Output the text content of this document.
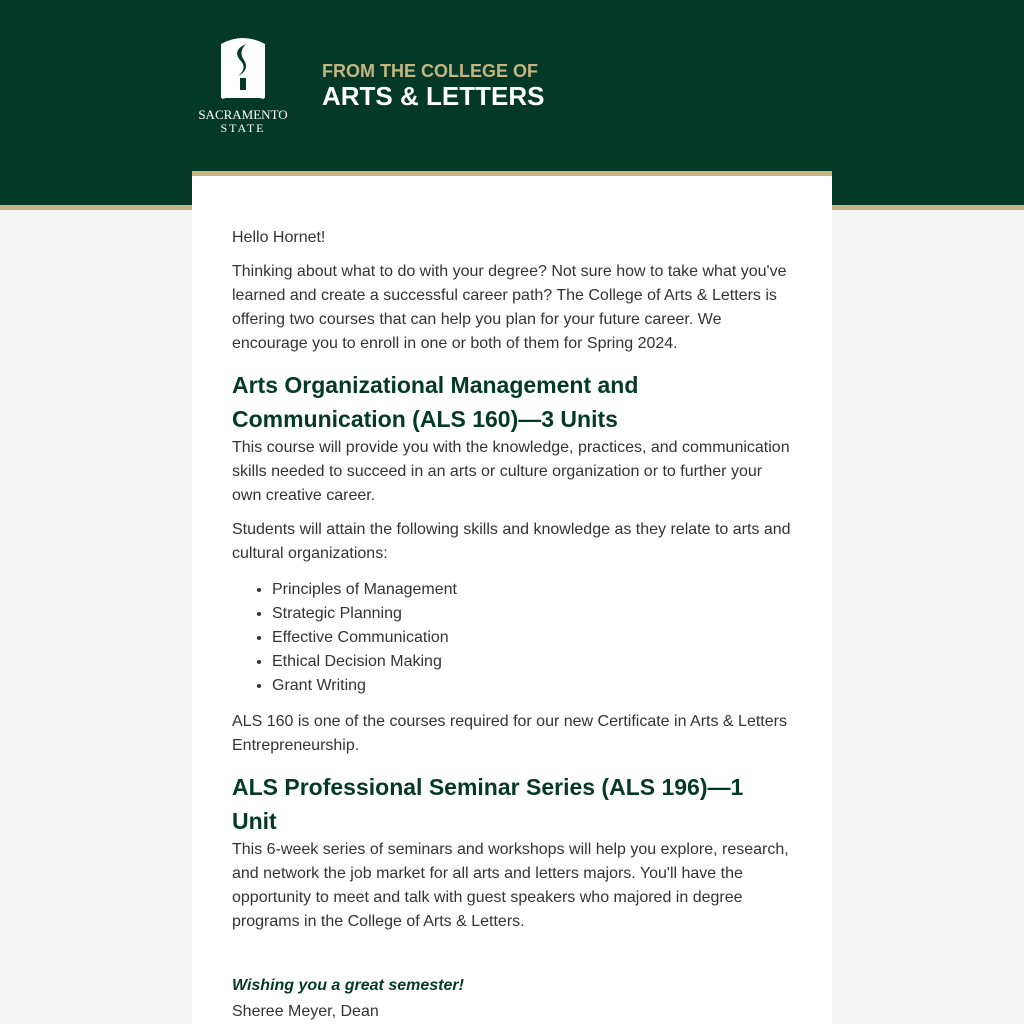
SACRAMENTO
STATE
FROM THE COLLEGE OF
ARTS & LETTERS

Hello Hornet!

Thinking about what to do with your degree? Not sure how to take what you've learned and create a successful career path? The College of Arts & Letters is offering two courses that can help you plan for your future career. We encourage you to enroll in one or both of them for Spring 2024.

Arts Organizational Management and Communication (ALS 160)—3 Units

This course will provide you with the knowledge, practices, and communication skills needed to succeed in an arts or culture organization or to further your own creative career.

Students will attain the following skills and knowledge as they relate to arts and cultural organizations:

• Principles of Management
• Strategic Planning
• Effective Communication
• Ethical Decision Making
• Grant Writing

ALS 160 is one of the courses required for our new Certificate in Arts & Letters Entrepreneurship.

ALS Professional Seminar Series (ALS 196)—1 Unit

This 6-week series of seminars and workshops will help you explore, research, and network the job market for all arts and letters majors. You'll have the opportunity to meet and talk with guest speakers who majored in degree programs in the College of Arts & Letters.

Wishing you a great semester!

Sheree Meyer, Dean
